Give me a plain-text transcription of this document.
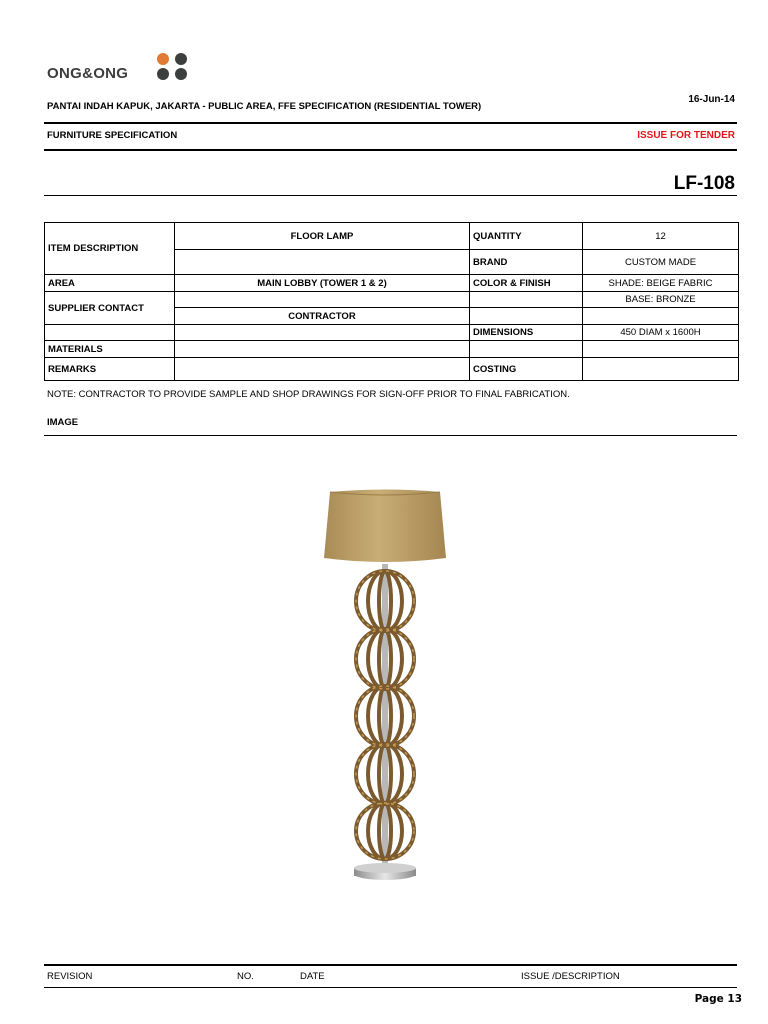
ONG&ONG
16-Jun-14
PANTAI INDAH KAPUK, JAKARTA - PUBLIC AREA, FFE SPECIFICATION (RESIDENTIAL TOWER)
FURNITURE SPECIFICATION	ISSUE FOR TENDER
LF-108
ITEM DESCRIPTION	FLOOR LAMP	QUANTITY	12
		BRAND	CUSTOM MADE
AREA	MAIN LOBBY (TOWER 1 & 2)	COLOR & FINISH	SHADE: BEIGE FABRIC
SUPPLIER CONTACT			BASE: BRONZE
	CONTRACTOR		
		DIMENSIONS	450 DIAM x 1600H
MATERIALS			
REMARKS		COSTING	
NOTE: CONTRACTOR TO PROVIDE SAMPLE AND SHOP DRAWINGS FOR SIGN-OFF PRIOR TO FINAL FABRICATION.
IMAGE
REVISION	NO.	DATE	ISSUE /DESCRIPTION
Page 13
